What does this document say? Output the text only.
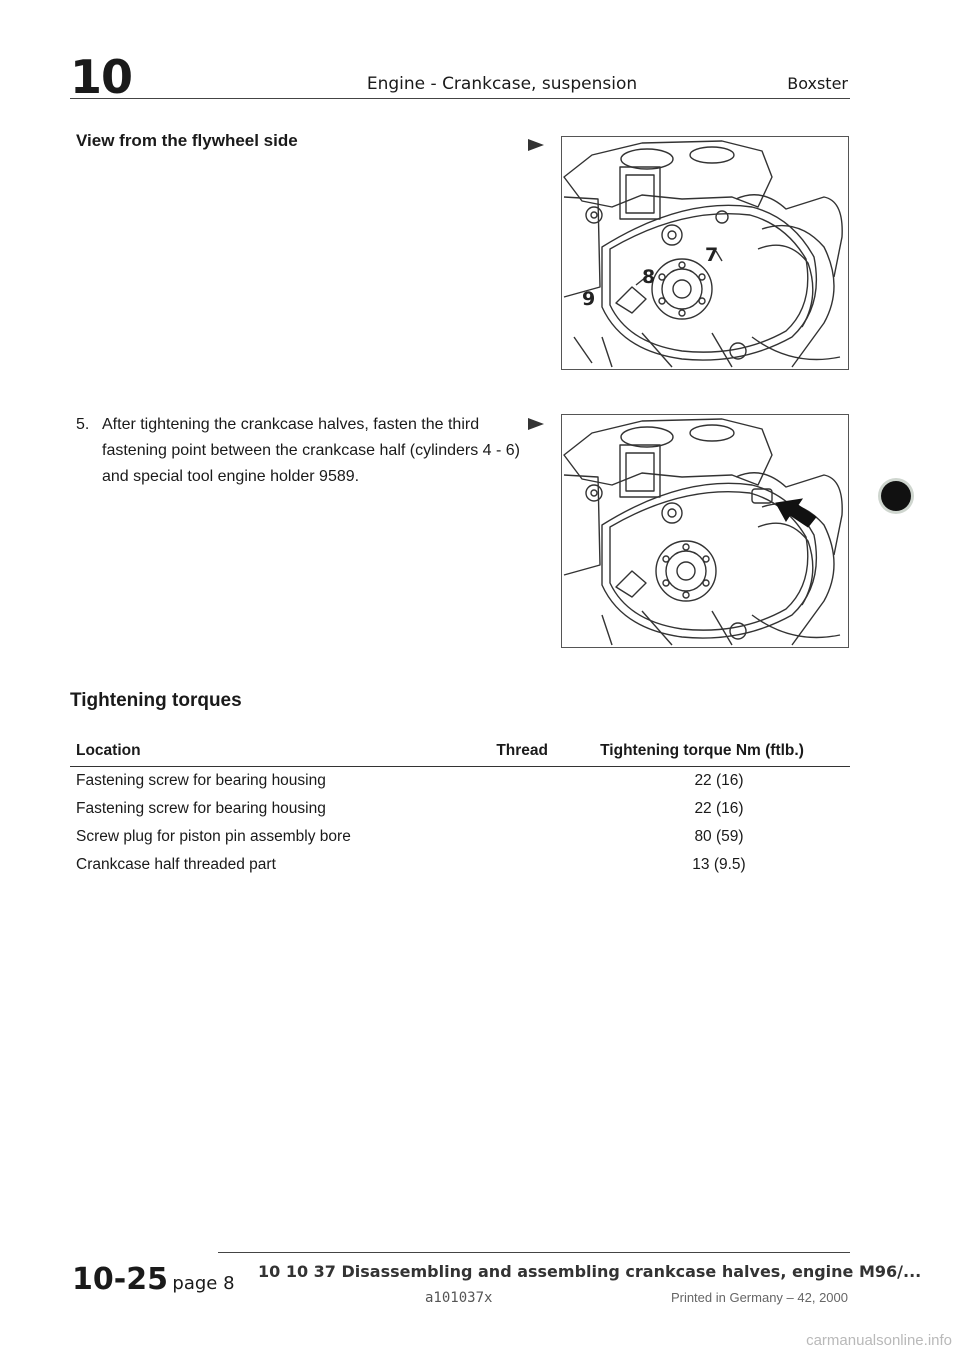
10	Engine - Crankcase, suspension	Boxster
View from the flywheel side
7
8
9
5. After tightening the crankcase halves, fasten the third fastening point between the crankcase half (cylinders 4 - 6) and special tool engine holder 9589.
Tightening torques
Location	Thread	Tightening torque Nm (ftlb.)
Fastening screw for bearing housing		22 (16)
Fastening screw for bearing housing		22 (16)
Screw plug for piston pin assembly bore		80 (59)
Crankcase half threaded part		13 (9.5)
10-25 page 8
10 10 37 Disassembling and assembling crankcase halves, engine M96/...
a101037x	Printed in Germany – 42, 2000
carmanualsonline.info
